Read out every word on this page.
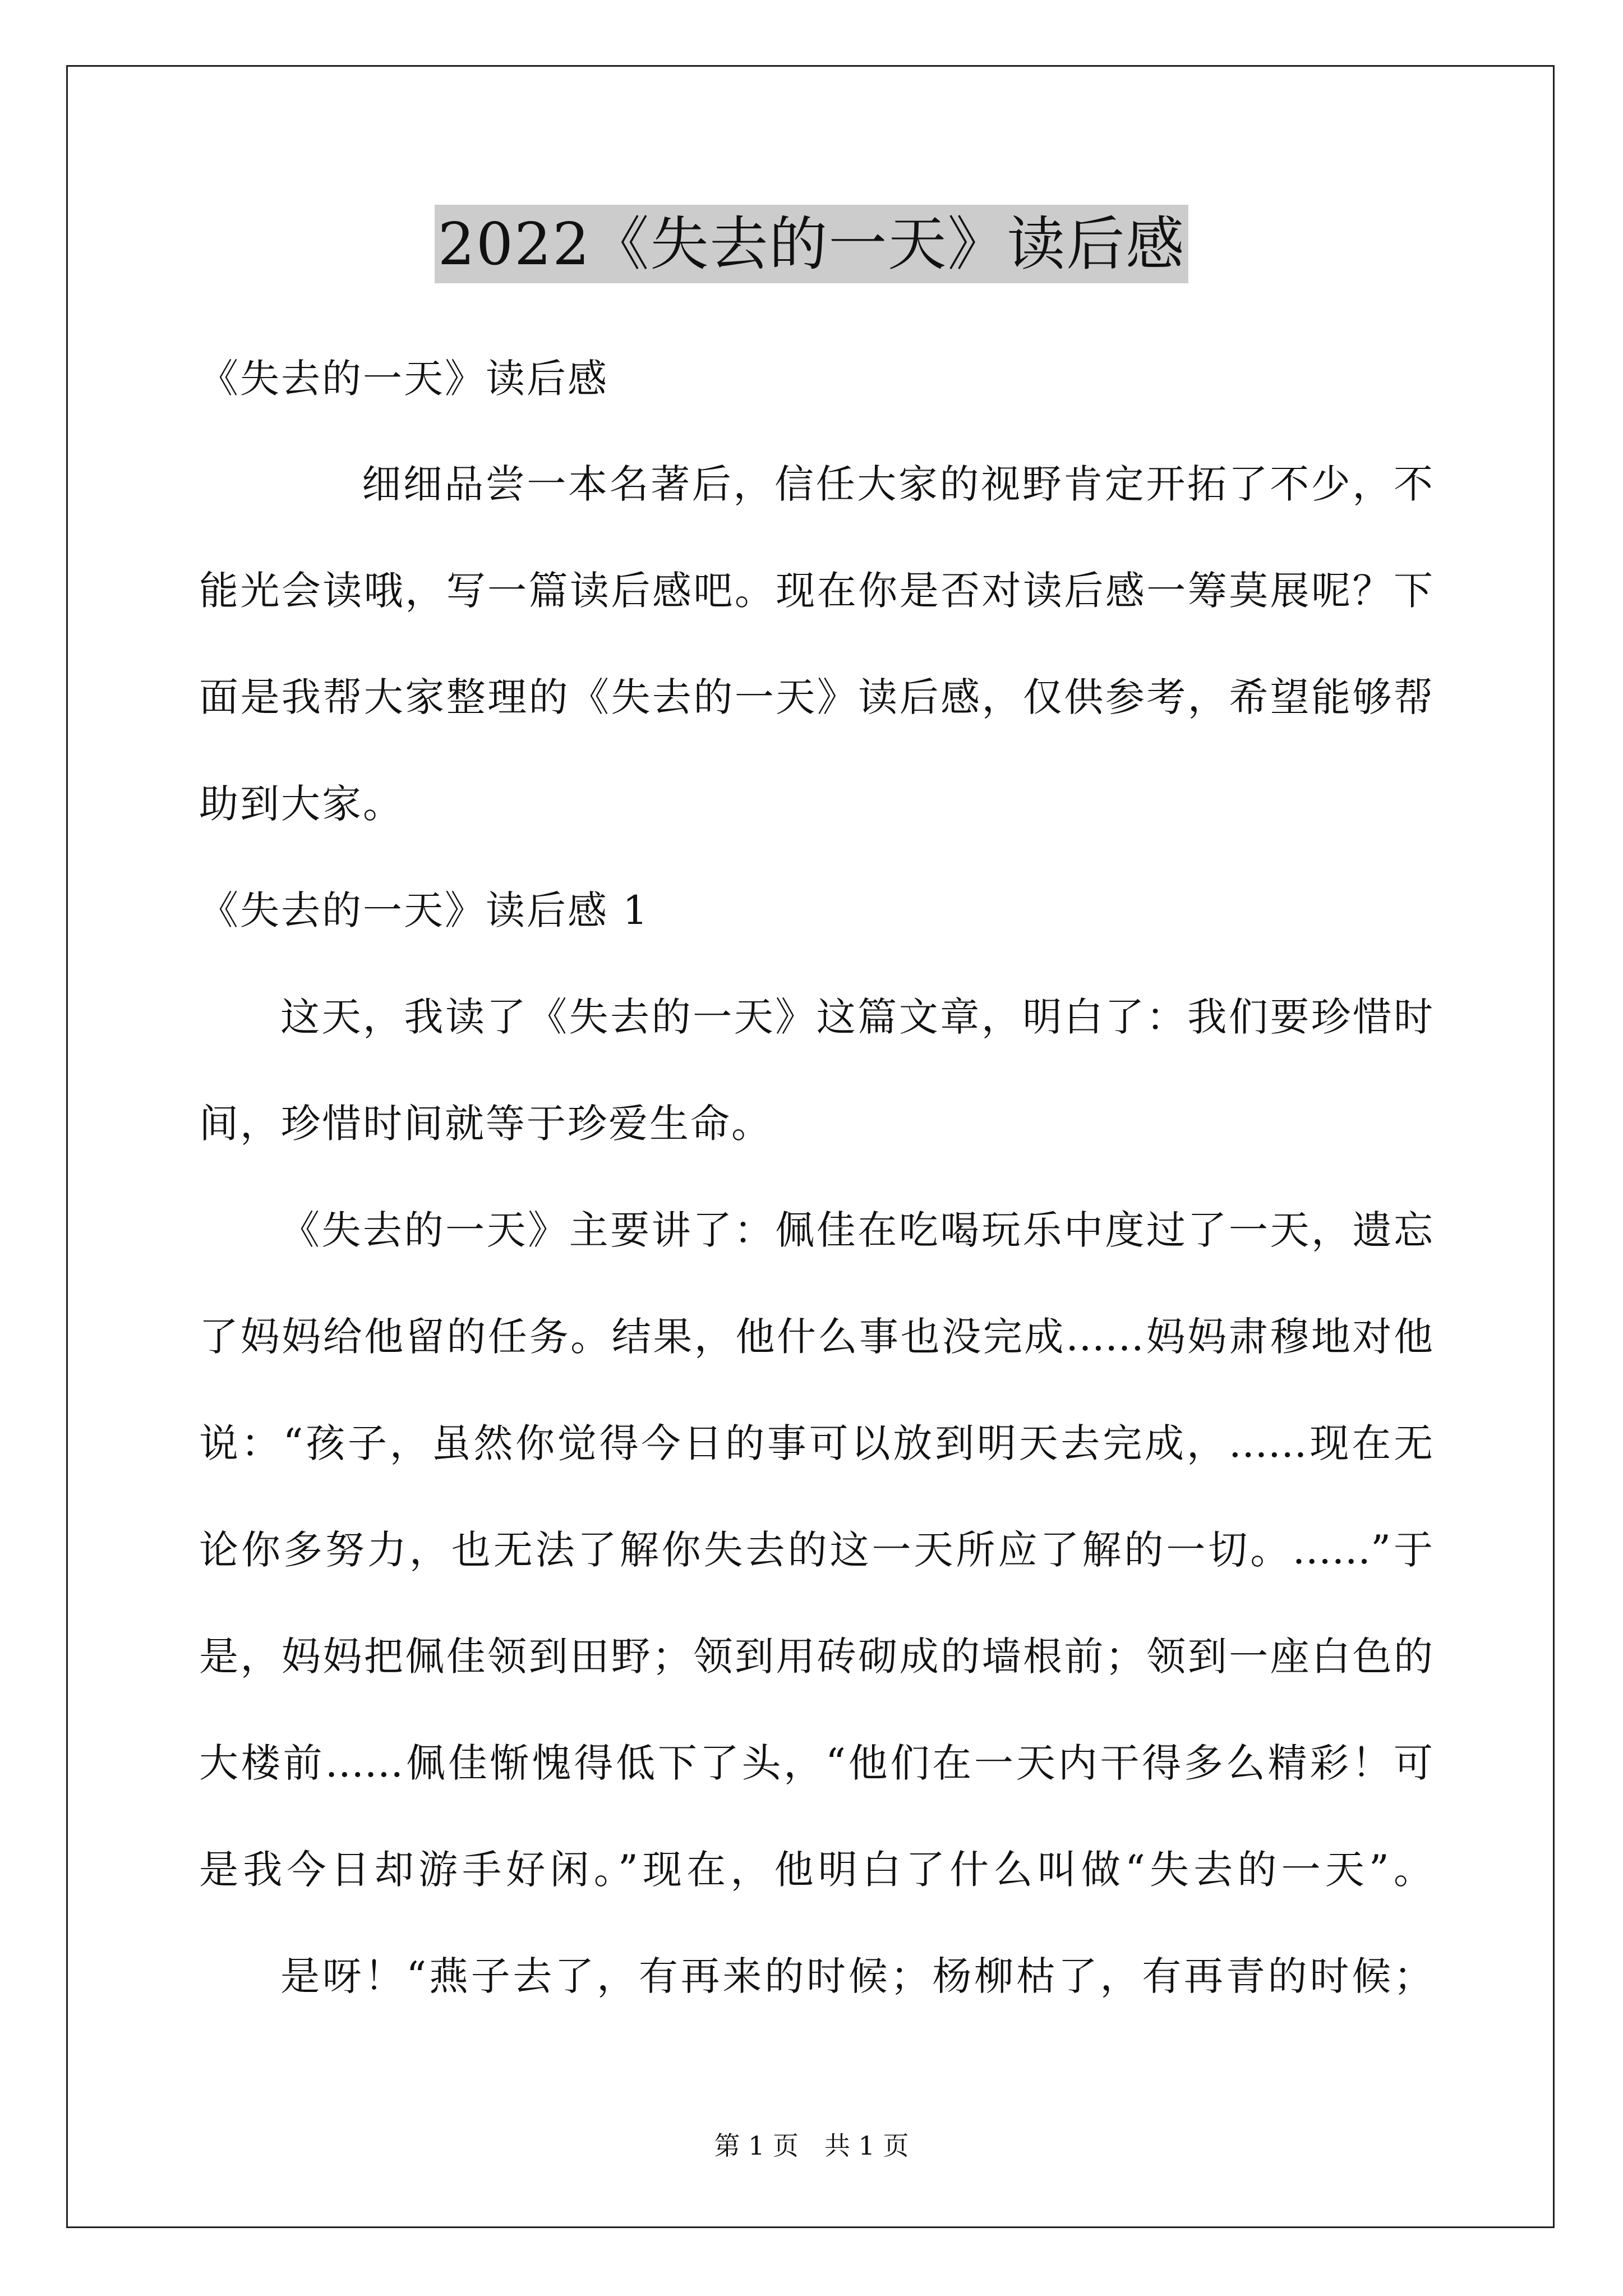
2022《失去的一天》读后感
《失去的一天》读后感
细细品尝一本名著后，信任大家的视野肯定开拓了不少，不
能光会读哦，写一篇读后感吧。现在你是否对读后感一筹莫展呢？下
面是我帮大家整理的《失去的一天》读后感，仅供参考，希望能够帮
助到大家。
《失去的一天》读后感 1
这天，我读了《失去的一天》这篇文章，明白了：我们要珍惜时
间，珍惜时间就等于珍爱生命。
《失去的一天》主要讲了：佩佳在吃喝玩乐中度过了一天，遗忘
了妈妈给他留的任务。结果，他什么事也没完成……妈妈肃穆地对他
说：“孩子，虽然你觉得今日的事可以放到明天去完成，……现在无
论你多努力，也无法了解你失去的这一天所应了解的一切。……”于
是，妈妈把佩佳领到田野；领到用砖砌成的墙根前；领到一座白色的
大楼前……佩佳惭愧得低下了头，“他们在一天内干得多么精彩！可
是我今日却游手好闲。”现在，他明白了什么叫做“失去的一天”。
是呀！“燕子去了，有再来的时候；杨柳枯了，有再青的时候；
第 1 页　共 1 页
